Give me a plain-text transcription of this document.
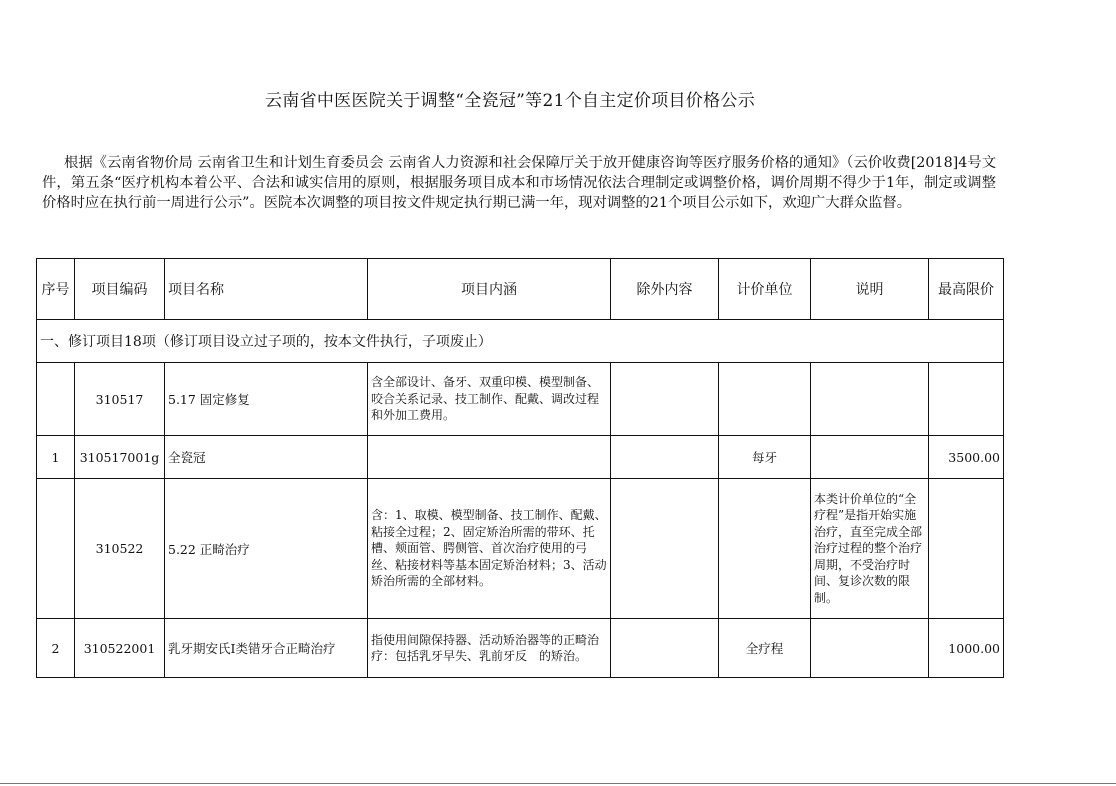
云南省中医医院关于调整“全瓷冠”等21个自主定价项目价格公示

根据《云南省物价局 云南省卫生和计划生育委员会 云南省人力资源和社会保障厅关于放开健康咨询等医疗服务价格的通知》（云价收费[2018]4号文件，第五条“医疗机构本着公平、合法和诚实信用的原则，根据服务项目成本和市场情况依法合理制定或调整价格，调价周期不得少于1年，制定或调整价格时应在执行前一周进行公示”。医院本次调整的项目按文件规定执行期已满一年，现对调整的21个项目公示如下，欢迎广大群众监督。

序号	项目编码	项目名称	项目内涵	除外内容	计价单位	说明	最高限价
一、修订项目18项（修订项目设立过子项的，按本文件执行，子项废止）							
	310517	5.17 固定修复	含全部设计、备牙、双重印模、模型制备、咬合关系记录、技工制作、配戴、调改过程和外加工费用。				
1	310517001g	全瓷冠			每牙		3500.00
	310522	5.22 正畸治疗	含：1、取模、模型制备、技工制作、配戴、粘接全过程；2、固定矫治所需的带环、托槽、颊面管、腭侧管、首次治疗使用的弓丝、粘接材料等基本固定矫治材料；3、活动矫治所需的全部材料。			本类计价单位的“全疗程”是指开始实施治疗，直至完成全部治疗过程的整个治疗周期，不受治疗时间、复诊次数的限制。	
2	310522001	乳牙期安氏I类错牙合正畸治疗	指使用间隙保持器、活动矫治器等的正畸治疗：包括乳牙早失、乳前牙反　的矫治。		全疗程		1000.00
